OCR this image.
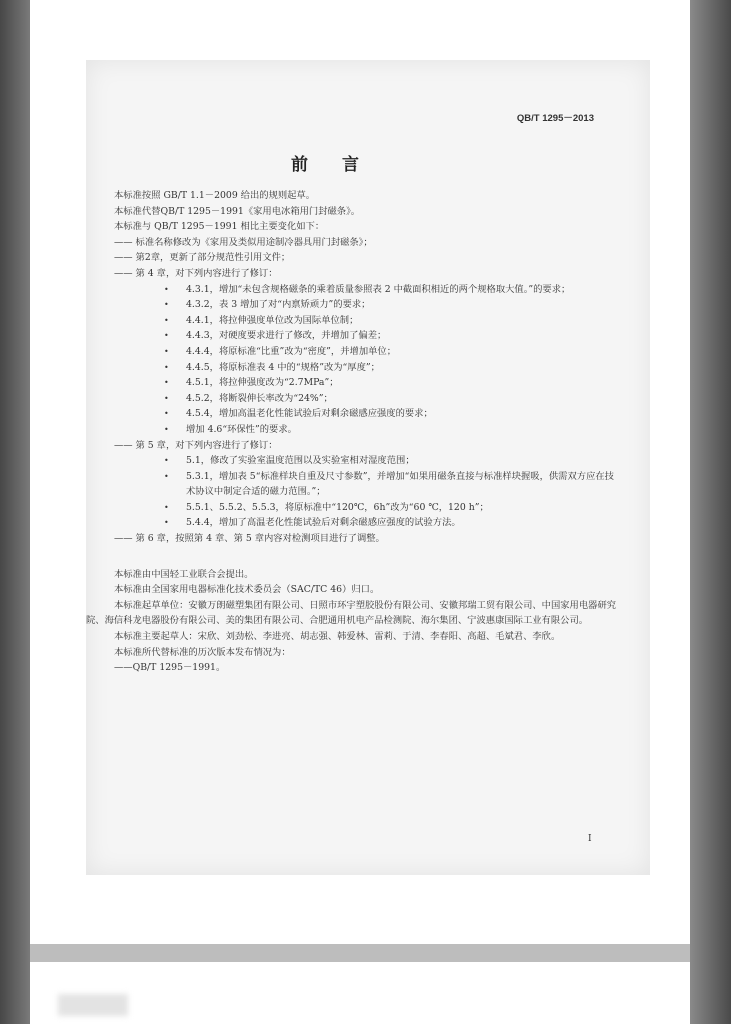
QB/T 1295－2013
前 言

本标准按照 GB/T 1.1－2009 给出的规则起草。

本标准代替QB/T 1295－1991《家用电冰箱用门封磁条》。

本标准与 QB/T 1295－1991 相比主要变化如下：

—— 标准名称修改为《家用及类似用途制冷器具用门封磁条》；

—— 第2章，更新了部分规范性引用文件；

—— 第 4 章，对下列内容进行了修订：

• 4.3.1，增加“未包含规格磁条的乘着质量参照表 2 中截面积相近的两个规格取大值。”的要求；
• 4.3.2，表 3 增加了对“内禀矫顽力”的要求；
• 4.4.1，将拉伸强度单位改为国际单位制；
• 4.4.3，对硬度要求进行了修改，并增加了偏差；
• 4.4.4，将原标准“比重”改为“密度”，并增加单位；
• 4.4.5，将原标准表 4 中的“规格”改为“厚度”；
• 4.5.1，将拉伸强度改为“2.7MPa”；
• 4.5.2，将断裂伸长率改为“24%”；
• 4.5.4，增加高温老化性能试验后对剩余磁感应强度的要求；
• 增加 4.6“环保性”的要求。

—— 第 5 章，对下列内容进行了修订：

• 5.1，修改了实验室温度范围以及实验室相对湿度范围；
• 5.3.1，增加表 5“标准样块自重及尺寸参数”，并增加“如果用磁条直接与标准样块握吸，供需双方应在技术协议中制定合适的磁力范围。”；
• 5.5.1、5.5.2、5.5.3，将原标准中“120℃，6h”改为“60 ℃，120 h”；
• 5.4.4，增加了高温老化性能试验后对剩余磁感应强度的试验方法。

—— 第 6 章，按照第 4 章、第 5 章内容对检测项目进行了调整。

本标准由中国轻工业联合会提出。

本标准由全国家用电器标准化技术委员会（SAC/TC 46）归口。

本标准起草单位：安徽万朗磁塑集团有限公司、日照市环宇塑胶股份有限公司、安徽邦瑞工贸有限公司、中国家用电器研究院、海信科龙电器股份有限公司、美的集团有限公司、合肥通用机电产品检测院、海尔集团、宁波惠康国际工业有限公司。

本标准主要起草人：宋欣、刘劲松、李进亮、胡志强、韩爱林、雷莉、于清、李春阳、高超、毛斌君、李欣。

本标准所代替标准的历次版本发布情况为：

——QB/T 1295－1991。

I
